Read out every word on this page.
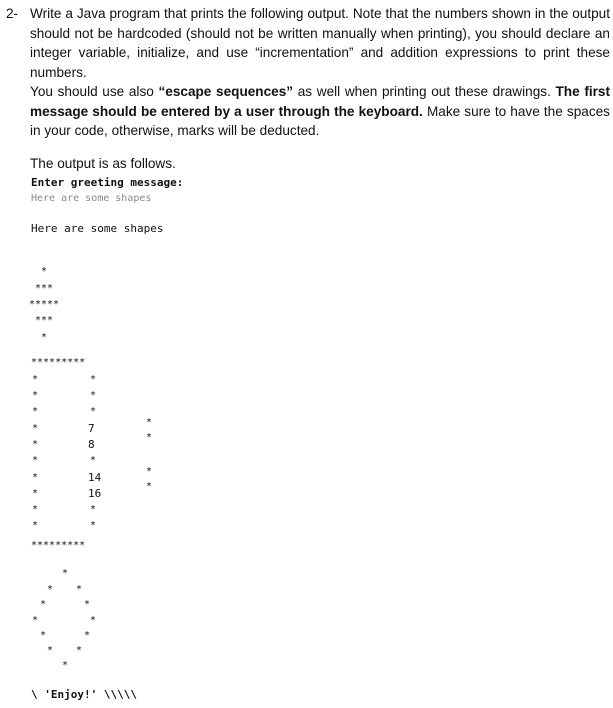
2- Write a Java program that prints the following output. Note that the numbers shown in the output should not be hardcoded (should not be written manually when printing), you should declare an integer variable, initialize, and use “incrementation” and addition expressions to print these numbers.

You should use also “escape sequences” as well when printing out these drawings. The first message should be entered by a user through the keyboard. Make sure to have the spaces in your code, otherwise, marks will be deducted.

The output is as follows.
Enter greeting message:
Here are some shapes
Here are some shapes
*
***
*****
***
*
*********
*********
*
*
*
*
*
*
*
*
*
*
*
*
*
7
8
*
14
16
*
*
*
*
*
*
*
* *
*	*
*	*
*	*
* *
*
\ 'Enjoy!' \\\\\
